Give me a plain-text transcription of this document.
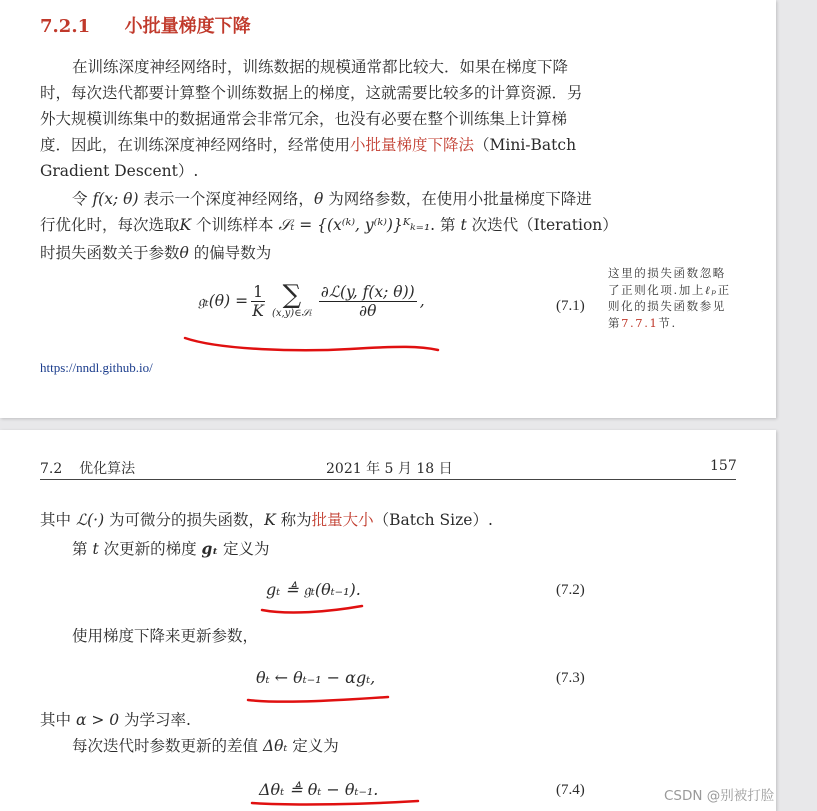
7.2.1 小批量梯度下降
在训练深度神经网络时，训练数据的规模通常都比较大．如果在梯度下降
时，每次迭代都要计算整个训练数据上的梯度，这就需要比较多的计算资源．另
外大规模训练集中的数据通常会非常冗余，也没有必要在整个训练集上计算梯
度．因此，在训练深度神经网络时，经常使用小批量梯度下降法（Mini-Batch
Gradient Descent）.
令 f(x; θ) 表示一个深度神经网络，θ 为网络参数，在使用小批量梯度下降进
行优化时，每次选取K 个训练样本 𝒮ₜ = {(x⁽ᵏ⁾, y⁽ᵏ⁾)}ᴷₖ₌₁. 第 t 次迭代（Iteration）
时损失函数关于参数θ 的偏导数为
𝔤ₜ(θ) = $\frac{1}{K}$ ∑
(x,y)∈𝒮ₜ $\frac{\text{∂ℒ(y, f(x; θ))}}{\partial\theta}$ ,	(7.1)
这里的损失函数忽略
了正则化项.加上ℓₚ正
则化的损失函数参见
第7.7.1节.
https://nndl.github.io/
7.2 优化算法	2021 年 5 月 18 日	157
其中 ℒ(·) 为可微分的损失函数，K 称为批量大小（Batch Size）.
第 t 次更新的梯度 gₜ 定义为
gₜ ≜ 𝔤ₜ(θₜ₋₁).	(7.2)
使用梯度下降来更新参数，
θₜ ← θₜ₋₁ − αgₜ,	(7.3)
其中 α > 0 为学习率.
每次迭代时参数更新的差值 Δθₜ 定义为
Δθₜ ≜ θₜ − θₜ₋₁.	(7.4)	CSDN @别被打脸
